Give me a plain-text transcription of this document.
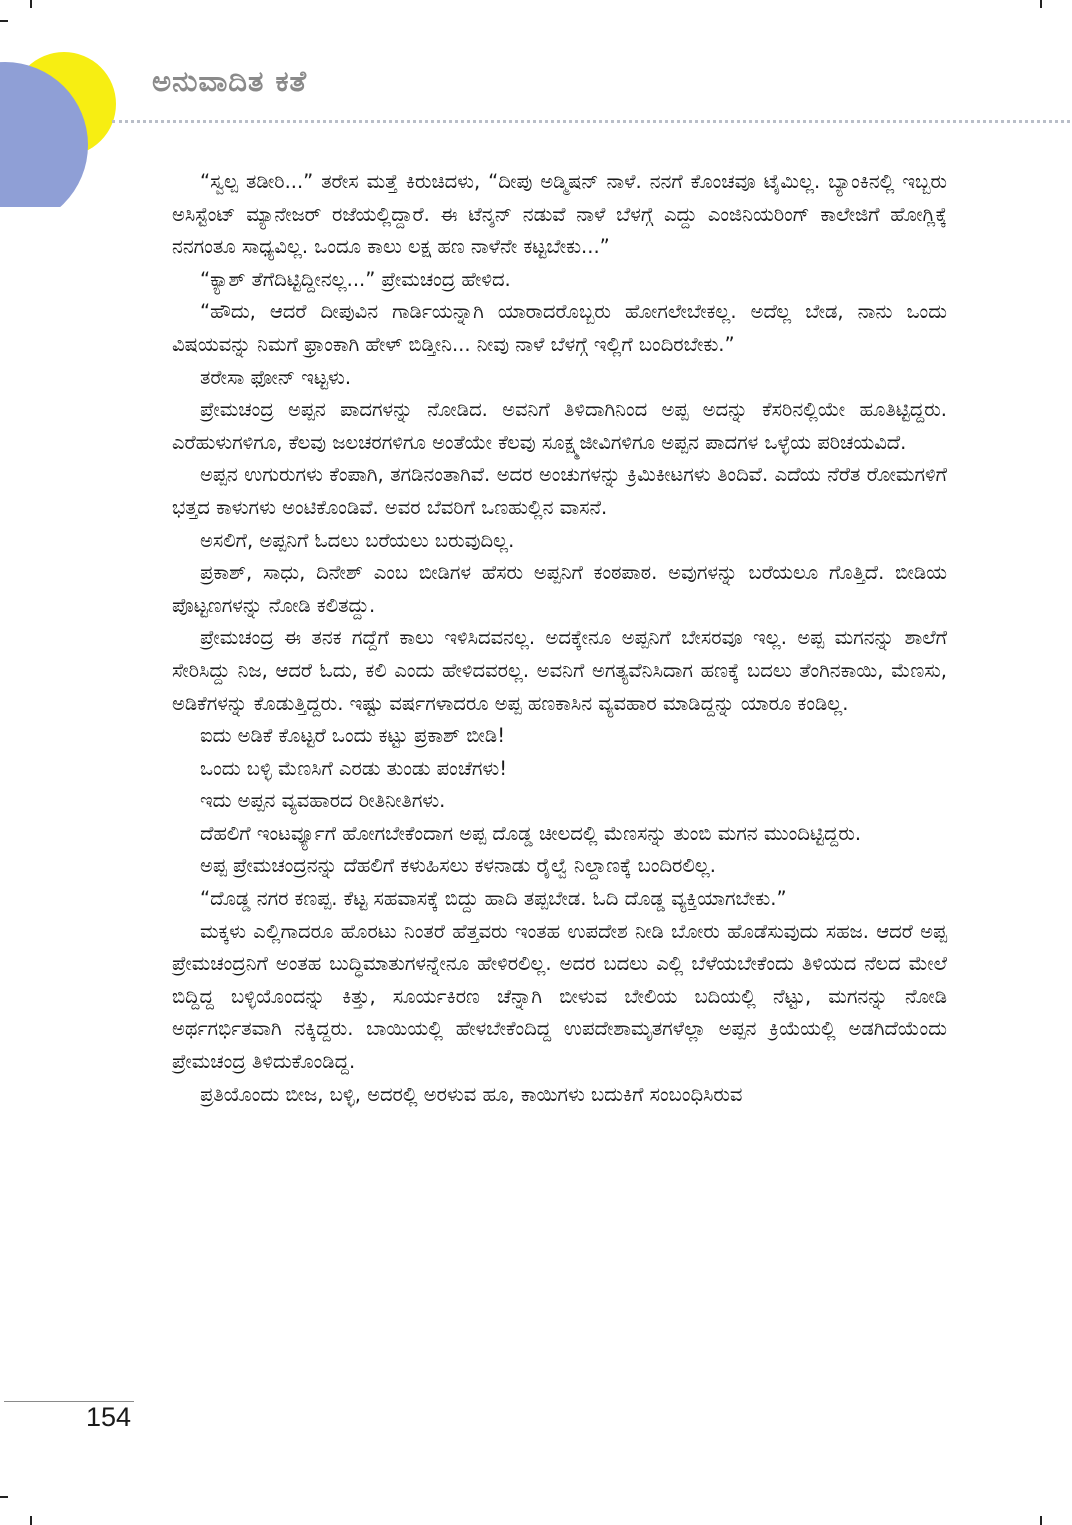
ಅನುವಾದಿತ ಕತೆ

“ಸ್ವಲ್ಪ ತಡೀರಿ...” ತರೇಸ ಮತ್ತೆ ಕಿರುಚಿದಳು, “ದೀಪು ಅಡ್ಮಿಷನ್ ನಾಳೆ. ನನಗೆ ಕೊಂಚವೂ ಟೈಮಿಲ್ಲ. ಬ್ಯಾಂಕಿನಲ್ಲಿ ಇಬ್ಬರು ಅಸಿಸ್ಟೆಂಟ್ ಮ್ಯಾನೇಜರ್ ರಜೆಯಲ್ಲಿದ್ದಾರೆ. ಈ ಟೆನ್ಶನ್ ನಡುವೆ ನಾಳೆ ಬೆಳಗ್ಗೆ ಎದ್ದು ಎಂಜಿನಿಯರಿಂಗ್ ಕಾಲೇಜಿಗೆ ಹೋಗ್ಲಿಕ್ಕೆ ನನಗಂತೂ ಸಾಧ್ಯವಿಲ್ಲ. ಒಂದೂ ಕಾಲು ಲಕ್ಷ ಹಣ ನಾಳೆನೇ ಕಟ್ಟಬೇಕು...”

“ಕ್ಯಾಶ್ ತೆಗೆದಿಟ್ಟಿದ್ದೀನಲ್ಲ...” ಪ್ರೇಮಚಂದ್ರ ಹೇಳಿದ.

“ಹೌದು, ಆದರೆ ದೀಪುವಿನ ಗಾರ್ಡಿಯನ್ನಾಗಿ ಯಾರಾದರೊಬ್ಬರು ಹೋಗಲೇಬೇಕಲ್ಲ. ಅದೆಲ್ಲ ಬೇಡ, ನಾನು ಒಂದು ವಿಷಯವನ್ನು ನಿಮಗೆ ಫ್ರಾಂಕಾಗಿ ಹೇಳ್ ಬಿಡ್ತೀನಿ... ನೀವು ನಾಳೆ ಬೆಳಗ್ಗೆ ಇಲ್ಲಿಗೆ ಬಂದಿರಬೇಕು.”

ತರೇಸಾ ಫೋನ್ ಇಟ್ಟಳು.

ಪ್ರೇಮಚಂದ್ರ ಅಪ್ಪನ ಪಾದಗಳನ್ನು ನೋಡಿದ. ಅವನಿಗೆ ತಿಳಿದಾಗಿನಿಂದ ಅಪ್ಪ ಅದನ್ನು ಕೆಸರಿನಲ್ಲಿಯೇ ಹೂತಿಟ್ಟಿದ್ದರು. ಎರೆಹುಳುಗಳಿಗೂ, ಕೆಲವು ಜಲಚರಗಳಿಗೂ ಅಂತೆಯೇ ಕೆಲವು ಸೂಕ್ಷ್ಮಜೀವಿಗಳಿಗೂ ಅಪ್ಪನ ಪಾದಗಳ ಒಳ್ಳೆಯ ಪರಿಚಯವಿದೆ.

ಅಪ್ಪನ ಉಗುರುಗಳು ಕೆಂಪಾಗಿ, ತಗಡಿನಂತಾಗಿವೆ. ಅದರ ಅಂಚುಗಳನ್ನು ಕ್ರಿಮಿಕೀಟಗಳು ತಿಂದಿವೆ. ಎದೆಯ ನೆರೆತ ರೋಮಗಳಿಗೆ ಭತ್ತದ ಕಾಳುಗಳು ಅಂಟಿಕೊಂಡಿವೆ. ಅವರ ಬೆವರಿಗೆ ಒಣಹುಲ್ಲಿನ ವಾಸನೆ.

ಅಸಲಿಗೆ, ಅಪ್ಪನಿಗೆ ಓದಲು ಬರೆಯಲು ಬರುವುದಿಲ್ಲ.

ಪ್ರಕಾಶ್, ಸಾಧು, ದಿನೇಶ್ ಎಂಬ ಬೀಡಿಗಳ ಹೆಸರು ಅಪ್ಪನಿಗೆ ಕಂಠಪಾಠ. ಅವುಗಳನ್ನು ಬರೆಯಲೂ ಗೊತ್ತಿದೆ. ಬೀಡಿಯ ಪೊಟ್ಟಣಗಳನ್ನು ನೋಡಿ ಕಲಿತದ್ದು.

ಪ್ರೇಮಚಂದ್ರ ಈ ತನಕ ಗದ್ದೆಗೆ ಕಾಲು ಇಳಿಸಿದವನಲ್ಲ. ಅದಕ್ಕೇನೂ ಅಪ್ಪನಿಗೆ ಬೇಸರವೂ ಇಲ್ಲ. ಅಪ್ಪ ಮಗನನ್ನು ಶಾಲೆಗೆ ಸೇರಿಸಿದ್ದು ನಿಜ, ಆದರೆ ಓದು, ಕಲಿ ಎಂದು ಹೇಳಿದವರಲ್ಲ. ಅವನಿಗೆ ಅಗತ್ಯವೆನಿಸಿದಾಗ ಹಣಕ್ಕೆ ಬದಲು ತೆಂಗಿನಕಾಯಿ, ಮೆಣಸು, ಅಡಿಕೆಗಳನ್ನು ಕೊಡುತ್ತಿದ್ದರು. ಇಷ್ಟು ವರ್ಷಗಳಾದರೂ ಅಪ್ಪ ಹಣಕಾಸಿನ ವ್ಯವಹಾರ ಮಾಡಿದ್ದನ್ನು ಯಾರೂ ಕಂಡಿಲ್ಲ.

ಐದು ಅಡಿಕೆ ಕೊಟ್ಟರೆ ಒಂದು ಕಟ್ಟು ಪ್ರಕಾಶ್ ಬೀಡಿ!

ಒಂದು ಬಳ್ಳಿ ಮೆಣಸಿಗೆ ಎರಡು ತುಂಡು ಪಂಚೆಗಳು!

ಇದು ಅಪ್ಪನ ವ್ಯವಹಾರದ ರೀತಿನೀತಿಗಳು.

ದೆಹಲಿಗೆ ಇಂಟರ್ವ್ಯೂಗೆ ಹೋಗಬೇಕೆಂದಾಗ ಅಪ್ಪ ದೊಡ್ಡ ಚೀಲದಲ್ಲಿ ಮೆಣಸನ್ನು ತುಂಬಿ ಮಗನ ಮುಂದಿಟ್ಟಿದ್ದರು.

ಅಪ್ಪ ಪ್ರೇಮಚಂದ್ರನನ್ನು ದೆಹಲಿಗೆ ಕಳುಹಿಸಲು ಕಳನಾಡು ರೈಲ್ವೆ ನಿಲ್ದಾಣಕ್ಕೆ ಬಂದಿರಲಿಲ್ಲ.

“ದೊಡ್ಡ ನಗರ ಕಣಪ್ಪ. ಕೆಟ್ಟ ಸಹವಾಸಕ್ಕೆ ಬಿದ್ದು ಹಾದಿ ತಪ್ಪಬೇಡ. ಓದಿ ದೊಡ್ಡ ವ್ಯಕ್ತಿಯಾಗಬೇಕು.”

ಮಕ್ಕಳು ಎಲ್ಲಿಗಾದರೂ ಹೊರಟು ನಿಂತರೆ ಹೆತ್ತವರು ಇಂತಹ ಉಪದೇಶ ನೀಡಿ ಬೋರು ಹೊಡೆಸುವುದು ಸಹಜ. ಆದರೆ ಅಪ್ಪ ಪ್ರೇಮಚಂದ್ರನಿಗೆ ಅಂತಹ ಬುದ್ಧಿಮಾತುಗಳನ್ನೇನೂ ಹೇಳಿರಲಿಲ್ಲ. ಅದರ ಬದಲು ಎಲ್ಲಿ ಬೆಳೆಯಬೇಕೆಂದು ತಿಳಿಯದ ನೆಲದ ಮೇಲೆ ಬಿದ್ದಿದ್ದ ಬಳ್ಳಿಯೊಂದನ್ನು ಕಿತ್ತು, ಸೂರ್ಯಕಿರಣ ಚೆನ್ನಾಗಿ ಬೀಳುವ ಬೇಲಿಯ ಬದಿಯಲ್ಲಿ ನೆಟ್ಟು, ಮಗನನ್ನು ನೋಡಿ ಅರ್ಥಗರ್ಭಿತವಾಗಿ ನಕ್ಕಿದ್ದರು. ಬಾಯಿಯಲ್ಲಿ ಹೇಳಬೇಕೆಂದಿದ್ದ ಉಪದೇಶಾಮೃತಗಳೆಲ್ಲಾ ಅಪ್ಪನ ಕ್ರಿಯೆಯಲ್ಲಿ ಅಡಗಿದೆಯೆಂದು ಪ್ರೇಮಚಂದ್ರ ತಿಳಿದುಕೊಂಡಿದ್ದ.

ಪ್ರತಿಯೊಂದು ಬೀಜ, ಬಳ್ಳಿ, ಅದರಲ್ಲಿ ಅರಳುವ ಹೂ, ಕಾಯಿಗಳು ಬದುಕಿಗೆ ಸಂಬಂಧಿಸಿರುವ

154
